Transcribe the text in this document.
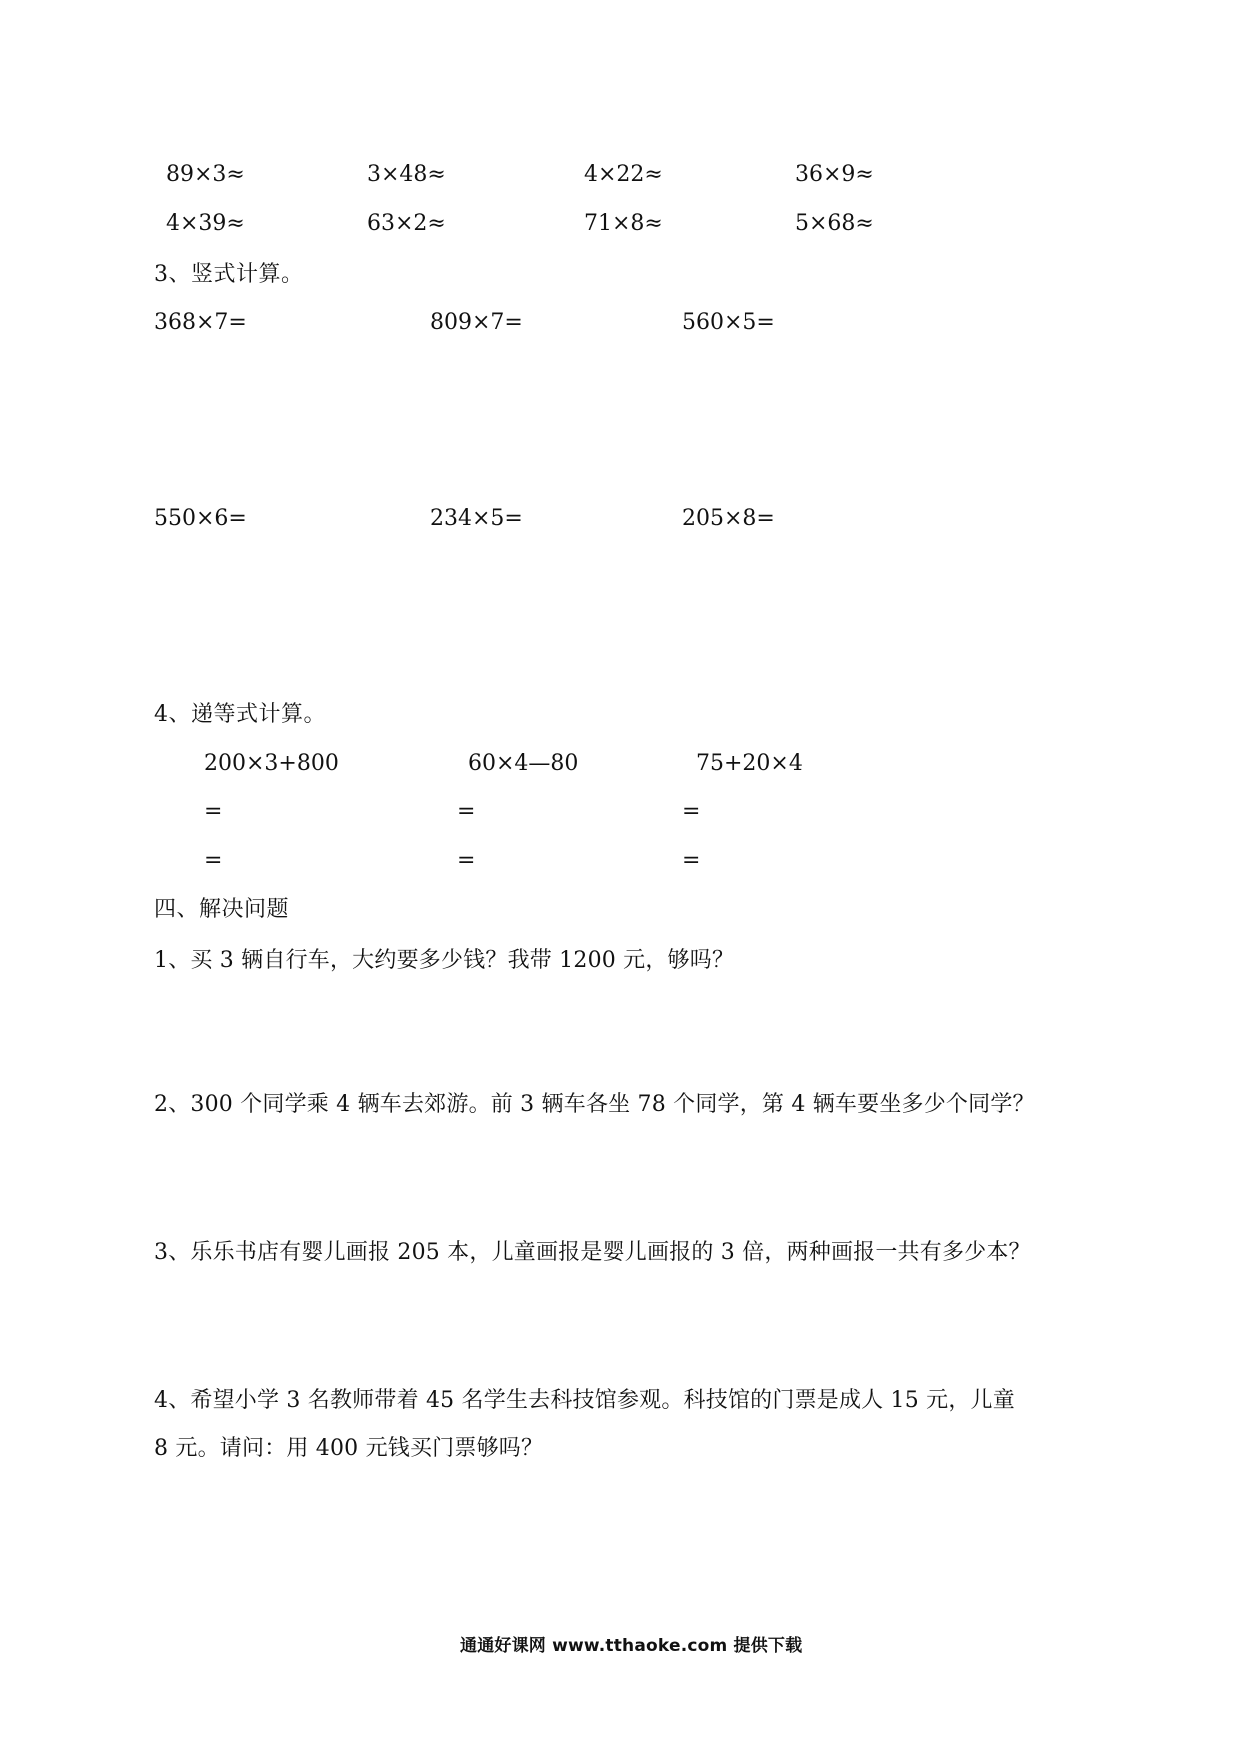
89×3≈	3×48≈	4×22≈	36×9≈
4×39≈	63×2≈	71×8≈	5×68≈
3、竖式计算。
368×7=	809×7=	560×5=
550×6=	234×5=	205×8=
4、递等式计算。
200×3+800	60×4—80	75+20×4
=	=	=
=	=	=
四、解决问题
1、买 3 辆自行车，大约要多少钱？我带 1200 元，够吗？
2、300 个同学乘 4 辆车去郊游。前 3 辆车各坐 78 个同学，第 4 辆车要坐多少个同学？
3、乐乐书店有婴儿画报 205 本，儿童画报是婴儿画报的 3 倍，两种画报一共有多少本？
4、希望小学 3 名教师带着 45 名学生去科技馆参观。科技馆的门票是成人 15 元，儿童
8 元。请问：用 400 元钱买门票够吗？
通通好课网 www.tthaoke.com 提供下载
